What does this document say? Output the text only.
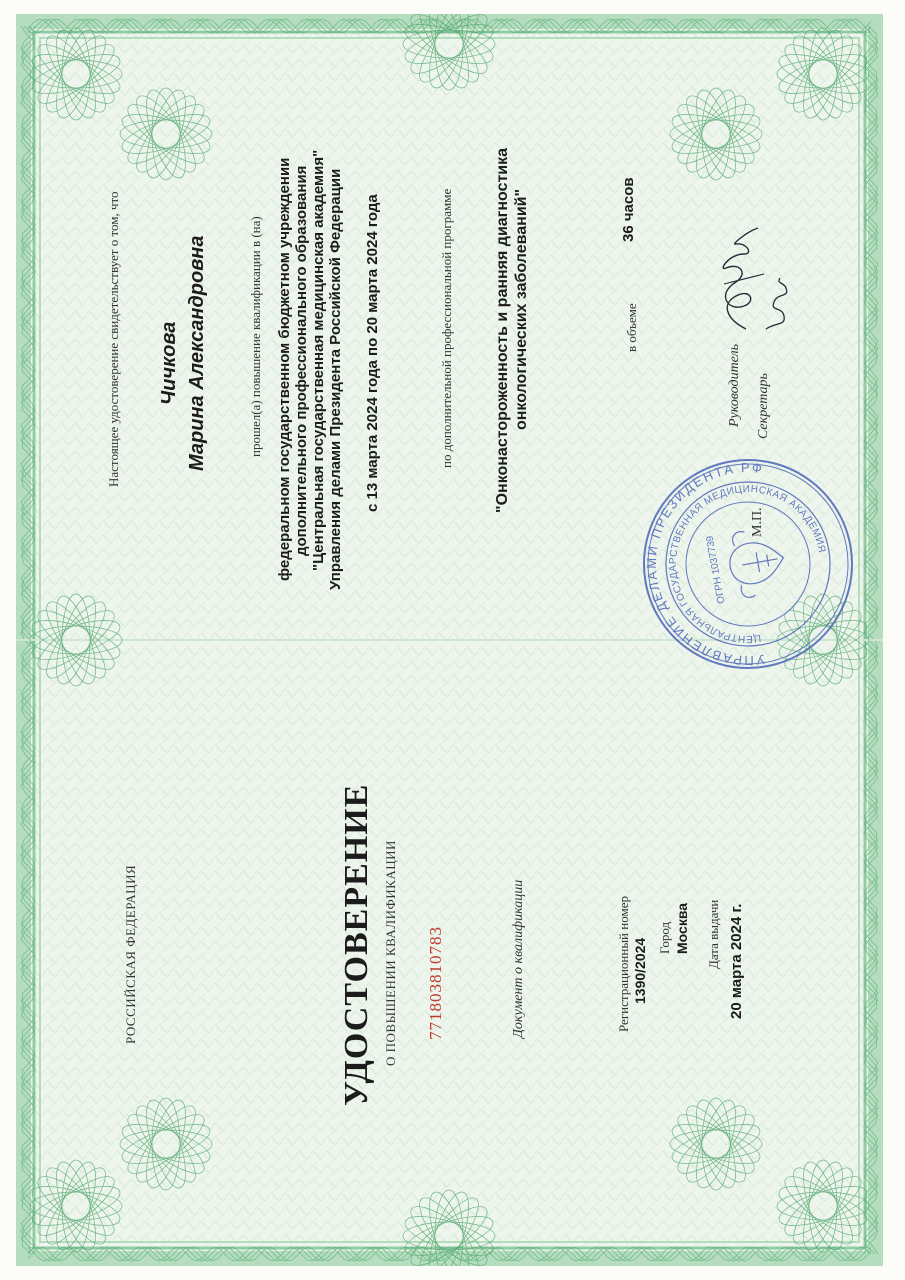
РОССИЙСКАЯ ФЕДЕРАЦИЯ	УДОСТОВЕРЕНИЕ О ПОВЫШЕНИИ КВАЛИФИКАЦИИ 771803810783	Документ о квалификации	Регистрационный номер 1390/2024 Город Москва Дата выдачи 20 марта 2024 г.
Настоящее удостоверение свидетельствует о том, что Чичкова Марина Александровна	прошел(а) повышение квалификации в (на) федеральном государственном бюджетном учреждении дополнительного профессионального образования "Центральная государственная медицинская академия" Управления делами Президента Российской Федерации с 13 марта 2024 года по 20 марта 2024 года	по дополнительной профессиональной программе	"Онконастороженность и ранняя диагностика онкологических заболеваний"	в объеме
36 часов
Руководитель Секретарь
М.П.
УПРАВЛЕНИЕ ДЕЛАМИ ПРЕЗИДЕНТА РФ
ЦЕНТРАЛЬНАЯ ГОСУДАРСТВЕННАЯ МЕДИЦИНСКАЯ АКАДЕМИЯ
ОГРН 1037739
